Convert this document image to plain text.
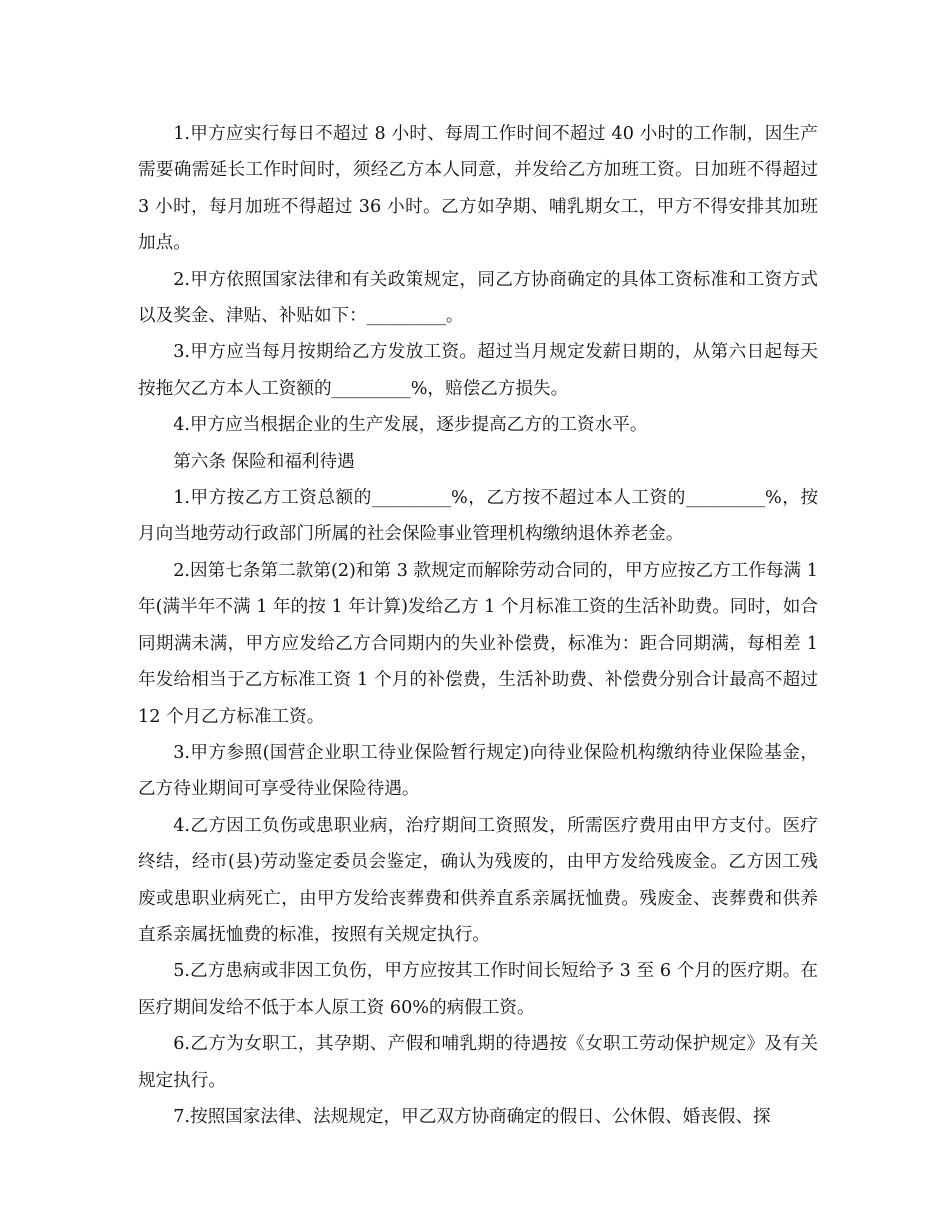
1.甲方应实行每日不超过 8 小时、每周工作时间不超过 40 小时的工作制，因生产需要确需延长工作时间时，须经乙方本人同意，并发给乙方加班工资。日加班不得超过 3 小时，每月加班不得超过 36 小时。乙方如孕期、哺乳期女工，甲方不得安排其加班加点。

2.甲方依照国家法律和有关政策规定，同乙方协商确定的具体工资标准和工资方式以及奖金、津贴、补贴如下：_________。

3.甲方应当每月按期给乙方发放工资。超过当月规定发薪日期的，从第六日起每天按拖欠乙方本人工资额的_________%，赔偿乙方损失。

4.甲方应当根据企业的生产发展，逐步提高乙方的工资水平。

第六条 保险和福利待遇

1.甲方按乙方工资总额的_________%，乙方按不超过本人工资的_________%，按月向当地劳动行政部门所属的社会保险事业管理机构缴纳退休养老金。

2.因第七条第二款第(2)和第 3 款规定而解除劳动合同的，甲方应按乙方工作每满 1 年(满半年不满 1 年的按 1 年计算)发给乙方 1 个月标准工资的生活补助费。同时，如合同期满未满，甲方应发给乙方合同期内的失业补偿费，标准为：距合同期满，每相差 1 年发给相当于乙方标准工资 1 个月的补偿费，生活补助费、补偿费分别合计最高不超过 12 个月乙方标准工资。

3.甲方参照(国营企业职工待业保险暂行规定)向待业保险机构缴纳待业保险基金，乙方待业期间可享受待业保险待遇。

4.乙方因工负伤或患职业病，治疗期间工资照发，所需医疗费用由甲方支付。医疗终结，经市(县)劳动鉴定委员会鉴定，确认为残废的，由甲方发给残废金。乙方因工残废或患职业病死亡，由甲方发给丧葬费和供养直系亲属抚恤费。残废金、丧葬费和供养直系亲属抚恤费的标准，按照有关规定执行。

5.乙方患病或非因工负伤，甲方应按其工作时间长短给予 3 至 6 个月的医疗期。在医疗期间发给不低于本人原工资 60%的病假工资。

6.乙方为女职工，其孕期、产假和哺乳期的待遇按《女职工劳动保护规定》及有关规定执行。

7.按照国家法律、法规规定，甲乙双方协商确定的假日、公休假、婚丧假、探
